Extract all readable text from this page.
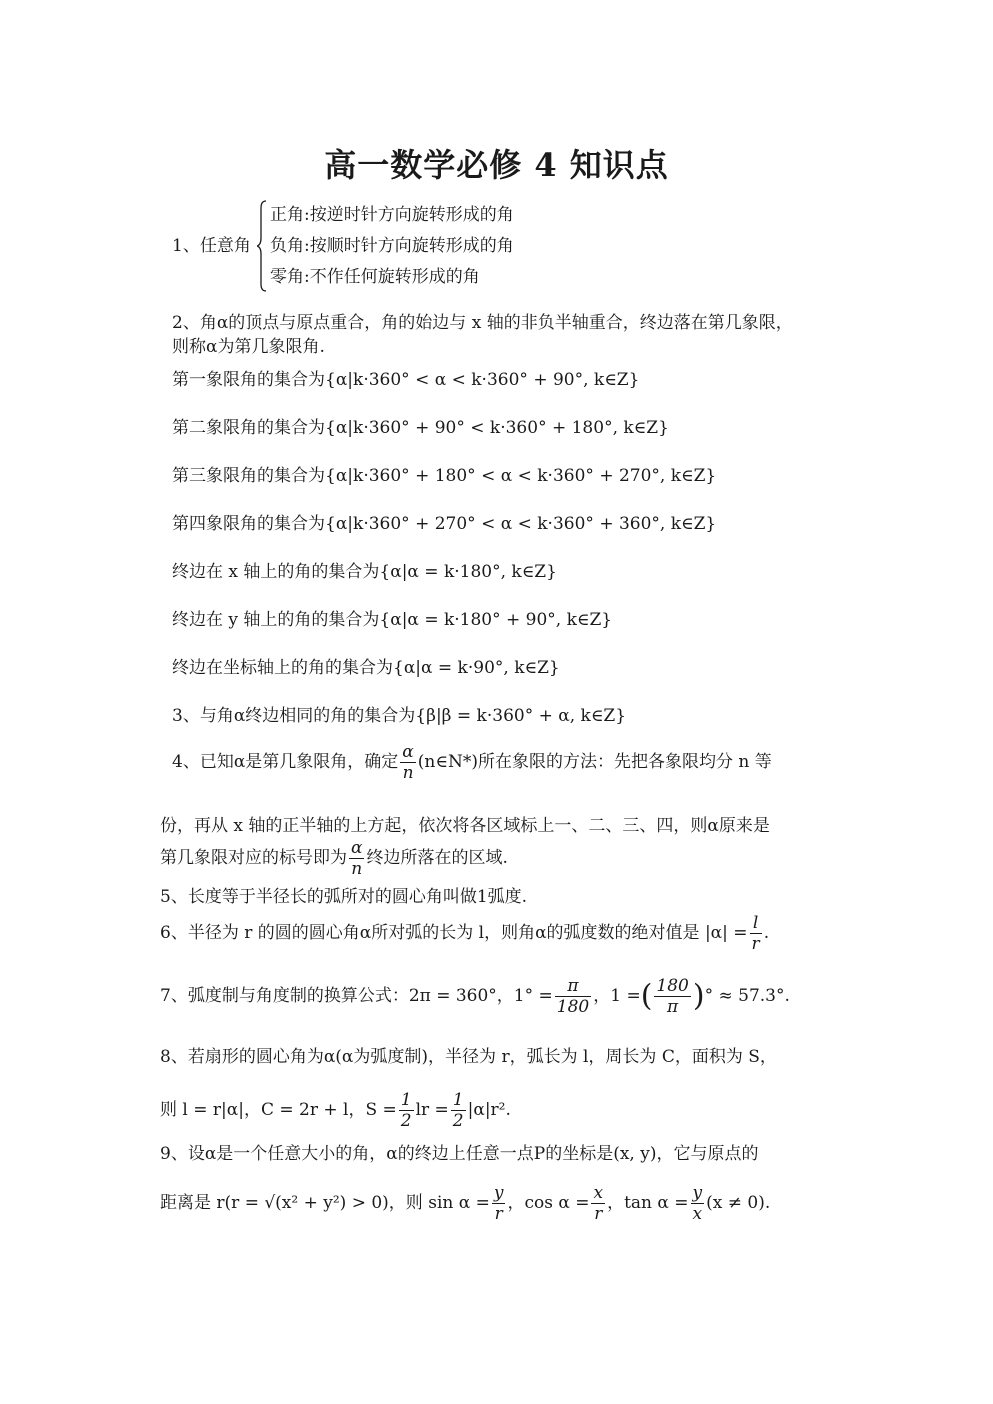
高一数学必修 4 知识点
1、任意角
正角:按逆时针方向旋转形成的角
负角:按顺时针方向旋转形成的角
零角:不作任何旋转形成的角
2、角α的顶点与原点重合，角的始边与 x 轴的非负半轴重合，终边落在第几象限，
则称α为第几象限角.
第一象限角的集合为{α|k·360° < α < k·360° + 90°, k∈Z}
第二象限角的集合为{α|k·360° + 90° < k·360° + 180°, k∈Z}
第三象限角的集合为{α|k·360° + 180° < α < k·360° + 270°, k∈Z}
第四象限角的集合为{α|k·360° + 270° < α < k·360° + 360°, k∈Z}
终边在 x 轴上的角的集合为{α|α = k·180°, k∈Z}
终边在 y 轴上的角的集合为{α|α = k·180° + 90°, k∈Z}
终边在坐标轴上的角的集合为{α|α = k·90°, k∈Z}
3、与角α终边相同的角的集合为{β|β = k·360° + α, k∈Z}
4、已知α是第几象限角，确定 $\frac{\alpha}{n}$ (n∈N*)所在象限的方法：先把各象限均分 n 等
份，再从 x 轴的正半轴的上方起，依次将各区域标上一、二、三、四，则α原来是
第几象限对应的标号即为 $\frac{\alpha}{n}$ 终边所落在的区域.
5、长度等于半径长的弧所对的圆心角叫做1弧度.
6、半径为 r 的圆的圆心角α所对弧的长为 l，则角α的弧度数的绝对值是 $|\alpha| = \frac{l}{r}$ .
7、弧度制与角度制的换算公式：2π = 360°，$1^\circ = \frac{\pi}{180}$ ，1 =( $\frac{180}{\pi}$ )° ≈ 57.3°.
8、若扇形的圆心角为α(α为弧度制)，半径为 r，弧长为 l，周长为 C，面积为 S，
则 l = r|α|，C = 2r + l，$S = \frac{1}{2}$ lr = $\frac{1}{2} |\alpha|r^2$.
9、设α是一个任意大小的角，α的终边上任意一点P的坐标是(x, y)，它与原点的
距离是 r(r = √(x² + y²) > 0)，则 $\sin \alpha = \frac{y}{r}$ ，$\cos \alpha = \frac{x}{r}$ ，$\tan \alpha = \frac{y}{x} (x \ne 0)$.
